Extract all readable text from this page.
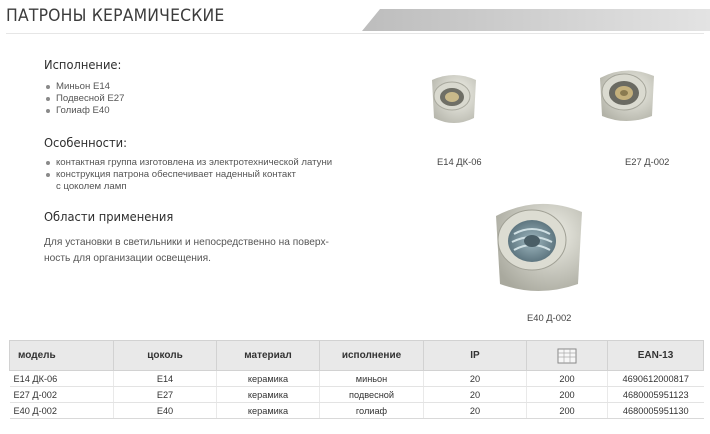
ПАТРОНЫ КЕРАМИЧЕСКИЕ
Исполнение:
Миньон Е14
Подвесной Е27
Голиаф Е40
Особенности:
контактная группа изготовлена из электротехнической латуни
конструкция патрона обеспечивает наденный контакт
с цоколем ламп
Области применения
Для установки в светильники и непосредственно на поверх-
ность для организации освещения.
Е14 ДК-06	Е27 Д-002
Е40 Д-002
модель	цоколь	материал	исполнение	IP		EAN-13
Е14 ДК-06	Е14	керамика	миньон	20	200	4690612000817
Е27 Д-002	Е27	керамика	подвесной	20	200	4680005951123
Е40 Д-002	Е40	керамика	голиаф	20	200	4680005951130
